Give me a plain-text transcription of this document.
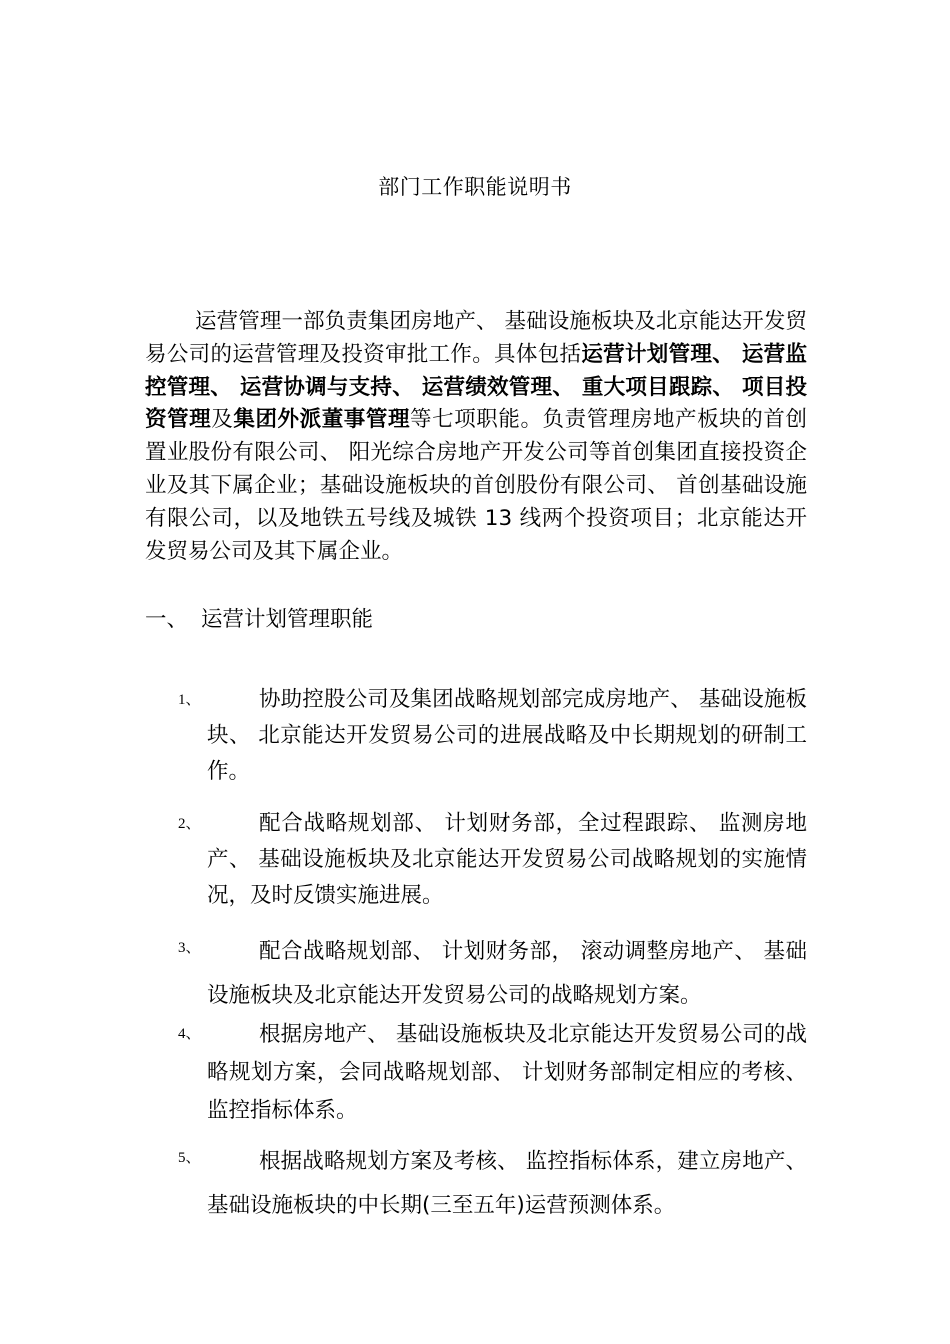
部门工作职能说明书

运营管理一部负责集团房地产、 基础设施板块及北京能达开发贸易公司的运营管理及投资审批工作。具体包括运营计划管理、 运营监控管理、 运营协调与支持、 运营绩效管理、 重大项目跟踪、 项目投资管理及集团外派董事管理等七项职能。负责管理房地产板块的首创置业股份有限公司、 阳光综合房地产开发公司等首创集团直接投资企业及其下属企业；基础设施板块的首创股份有限公司、 首创基础设施有限公司，以及地铁五号线及城铁 13 线两个投资项目；北京能达开发贸易公司及其下属企业。

一、 运营计划管理职能
1、	协助控股公司及集团战略规划部完成房地产、 基础设施板块、 北京能达开发贸易公司的进展战略及中长期规划的研制工作。
2、	配合战略规划部、 计划财务部，全过程跟踪、 监测房地产、 基础设施板块及北京能达开发贸易公司战略规划的实施情况，及时反馈实施进展。
3、	配合战略规划部、 计划财务部， 滚动调整房地产、 基础设施板块及北京能达开发贸易公司的战略规划方案。
4、	根据房地产、 基础设施板块及北京能达开发贸易公司的战略规划方案，会同战略规划部、 计划财务部制定相应的考核、 监控指标体系。
5、	根据战略规划方案及考核、 监控指标体系，建立房地产、 基础设施板块的中长期(三至五年)运营预测体系。
